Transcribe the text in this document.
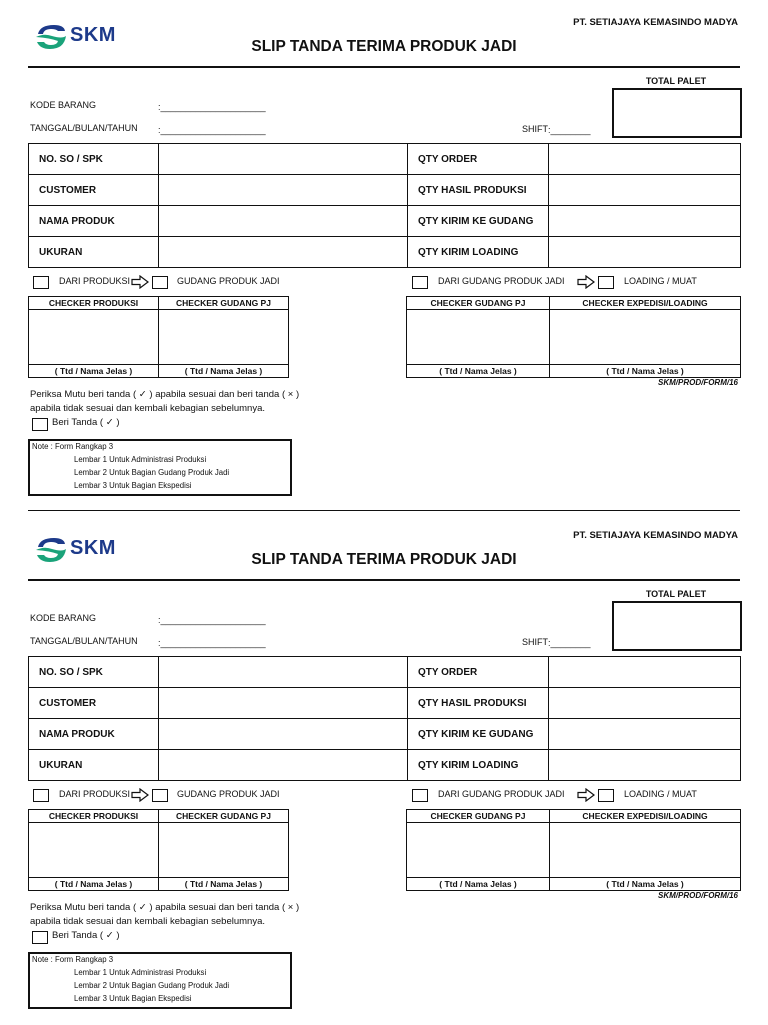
SKM
PT. SETIAJAYA KEMASINDO MADYA
SLIP TANDA TERIMA PRODUK JADI
KODE BARANG	:_____________________
TANGGAL/BULAN/TAHUN :_____________________	SHIFT :________
TOTAL PALET
NO. SO / SPK		QTY ORDER	
CUSTOMER		QTY HASIL PRODUKSI	
NAMA PRODUK		QTY KIRIM KE GUDANG	
UKURAN		QTY KIRIM LOADING	
DARI PRODUKSI	GUDANG PRODUK JADI	DARI GUDANG PRODUK JADI	LOADING / MUAT
CHECKER PRODUKSI	CHECKER GUDANG PJ

( Ttd / Nama Jelas )	( Ttd / Nama Jelas )
CHECKER GUDANG PJ	CHECKER EXPEDISI/LOADING

( Ttd / Nama Jelas )	( Ttd / Nama Jelas )
SKM/PROD/FORM/16
Periksa Mutu beri tanda ( ✓ ) apabila sesuai dan beri tanda ( × )
apabila tidak sesuai dan kembali kebagian sebelumnya.
Beri Tanda ( ✓ )
Note : Form Rangkap 3
Lembar 1 Untuk Administrasi Produksi
Lembar 2 Untuk Bagian Gudang Produk Jadi
Lembar 3 Untuk Bagian Ekspedisi
SKM
PT. SETIAJAYA KEMASINDO MADYA
SLIP TANDA TERIMA PRODUK JADI
KODE BARANG	:_____________________
TANGGAL/BULAN/TAHUN :_____________________	SHIFT :________
TOTAL PALET
NO. SO / SPK		QTY ORDER	
CUSTOMER		QTY HASIL PRODUKSI	
NAMA PRODUK		QTY KIRIM KE GUDANG	
UKURAN		QTY KIRIM LOADING	
DARI PRODUKSI	GUDANG PRODUK JADI	DARI GUDANG PRODUK JADI	LOADING / MUAT
CHECKER PRODUKSI	CHECKER GUDANG PJ

( Ttd / Nama Jelas )	( Ttd / Nama Jelas )
CHECKER GUDANG PJ	CHECKER EXPEDISI/LOADING

( Ttd / Nama Jelas )	( Ttd / Nama Jelas )
SKM/PROD/FORM/16
Periksa Mutu beri tanda ( ✓ ) apabila sesuai dan beri tanda ( × )
apabila tidak sesuai dan kembali kebagian sebelumnya.
Beri Tanda ( ✓ )
Note : Form Rangkap 3
Lembar 1 Untuk Administrasi Produksi
Lembar 2 Untuk Bagian Gudang Produk Jadi
Lembar 3 Untuk Bagian Ekspedisi
